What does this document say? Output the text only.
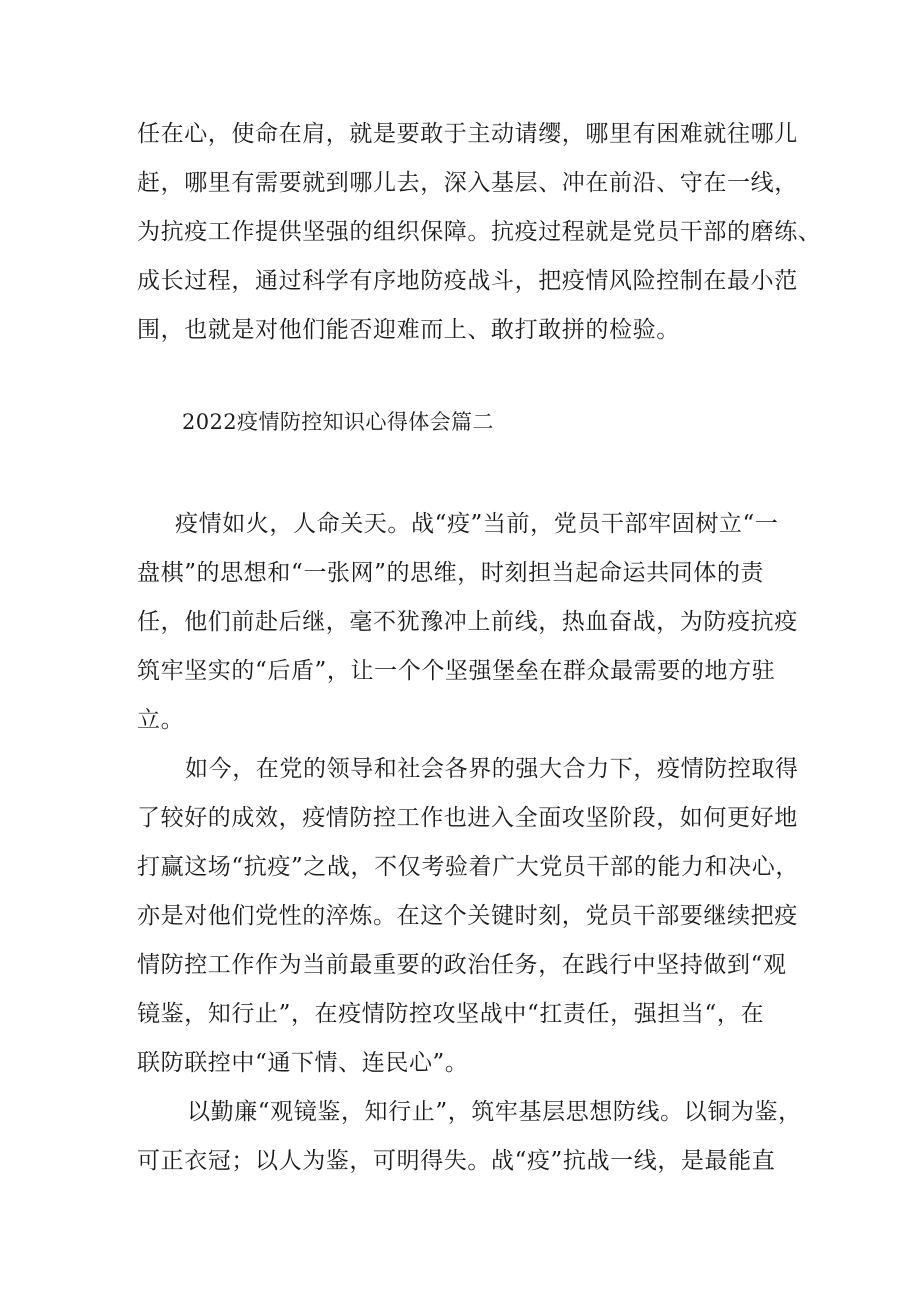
任在心，使命在肩，就是要敢于主动请缨，哪里有困难就往哪儿
赶，哪里有需要就到哪儿去，深入基层、冲在前沿、守在一线，
为抗疫工作提供坚强的组织保障。抗疫过程就是党员干部的磨练、
成长过程，通过科学有序地防疫战斗，把疫情风险控制在最小范
围，也就是对他们能否迎难而上、敢打敢拼的检验。
2022疫情防控知识心得体会篇二
疫情如火，人命关天。战“疫”当前，党员干部牢固树立“一
盘棋”的思想和“一张网”的思维，时刻担当起命运共同体的责
任，他们前赴后继，毫不犹豫冲上前线，热血奋战，为防疫抗疫
筑牢坚实的“后盾”，让一个个坚强堡垒在群众最需要的地方驻
立。
如今，在党的领导和社会各界的强大合力下，疫情防控取得
了较好的成效，疫情防控工作也进入全面攻坚阶段，如何更好地
打赢这场“抗疫”之战，不仅考验着广大党员干部的能力和决心，
亦是对他们党性的淬炼。在这个关键时刻，党员干部要继续把疫
情防控工作作为当前最重要的政治任务，在践行中坚持做到“观
镜鉴，知行止”，在疫情防控攻坚战中“扛责任，强担当“，在
联防联控中“通下情、连民心”。
以勤廉“观镜鉴，知行止”，筑牢基层思想防线。以铜为鉴，
可正衣冠；以人为鉴，可明得失。战“疫”抗战一线，是最能直
